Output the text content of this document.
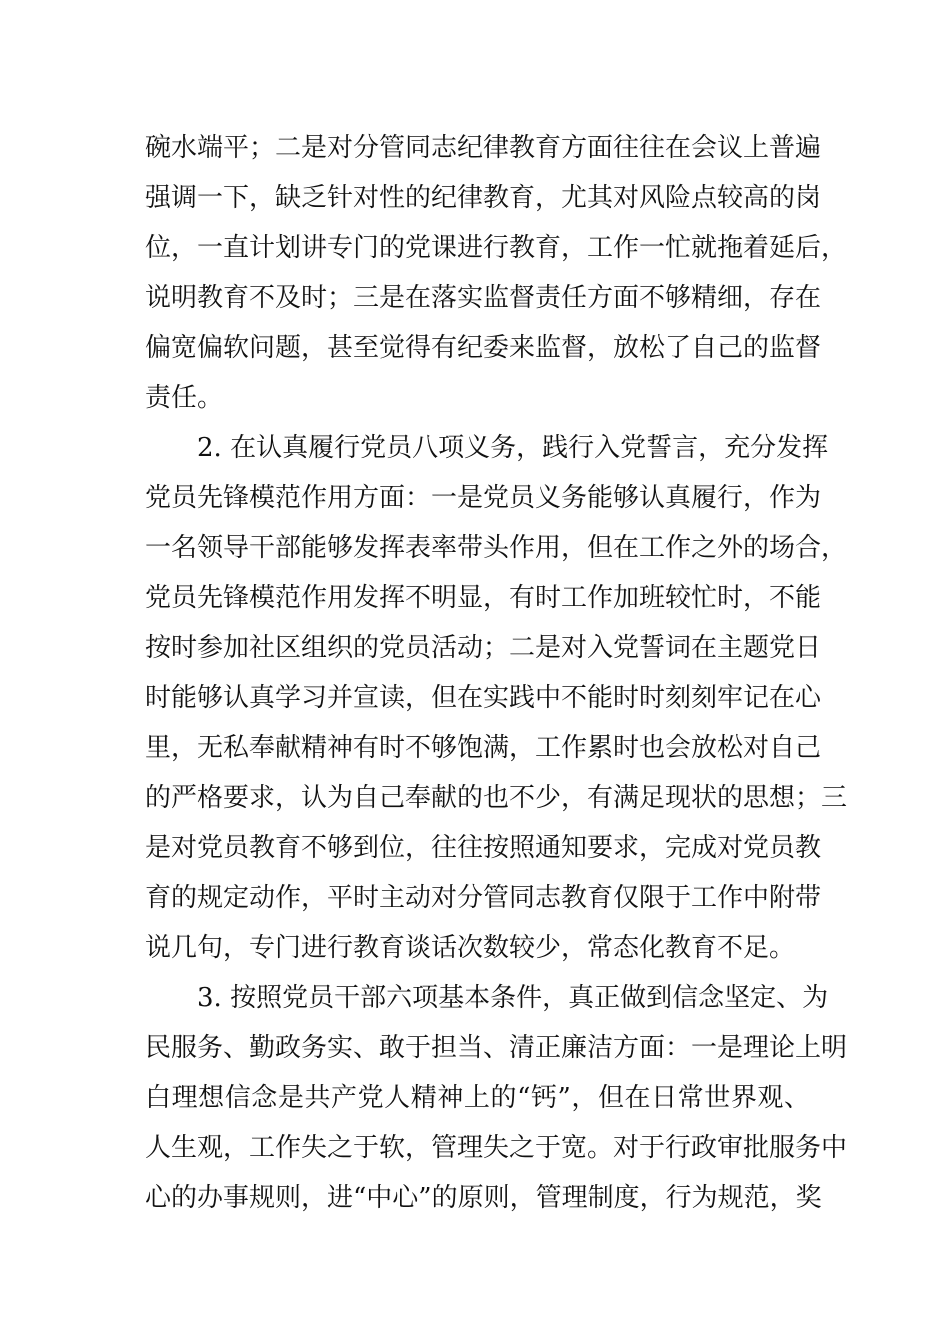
碗水端平；二是对分管同志纪律教育方面往往在会议上普遍
强调一下，缺乏针对性的纪律教育，尤其对风险点较高的岗
位，一直计划讲专门的党课进行教育，工作一忙就拖着延后，
说明教育不及时；三是在落实监督责任方面不够精细，存在
偏宽偏软问题，甚至觉得有纪委来监督，放松了自己的监督
责任。
2. 在认真履行党员八项义务，践行入党誓言，充分发挥
党员先锋模范作用方面：一是党员义务能够认真履行，作为
一名领导干部能够发挥表率带头作用，但在工作之外的场合，
党员先锋模范作用发挥不明显，有时工作加班较忙时，不能
按时参加社区组织的党员活动；二是对入党誓词在主题党日
时能够认真学习并宣读，但在实践中不能时时刻刻牢记在心
里，无私奉献精神有时不够饱满，工作累时也会放松对自己
的严格要求，认为自己奉献的也不少，有满足现状的思想；三
是对党员教育不够到位，往往按照通知要求，完成对党员教
育的规定动作，平时主动对分管同志教育仅限于工作中附带
说几句，专门进行教育谈话次数较少，常态化教育不足。
3. 按照党员干部六项基本条件，真正做到信念坚定、为
民服务、勤政务实、敢于担当、清正廉洁方面：一是理论上明
白理想信念是共产党人精神上的“钙”，但在日常世界观、
人生观，工作失之于软，管理失之于宽。对于行政审批服务中
心的办事规则，进“中心”的原则，管理制度，行为规范，奖
